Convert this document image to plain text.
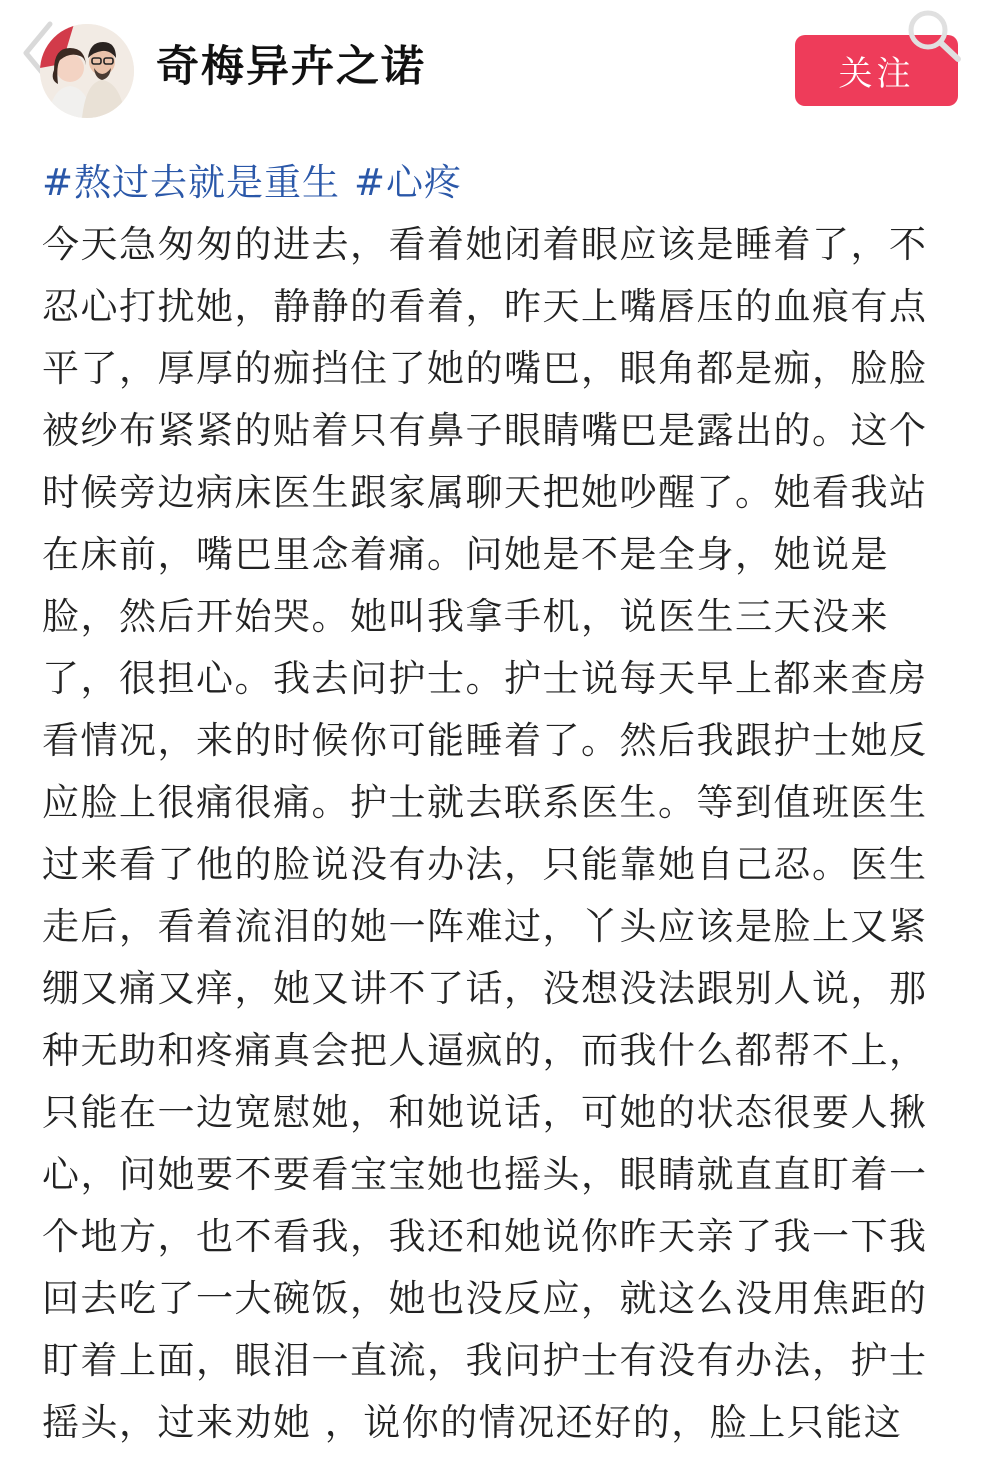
奇梅异卉之诺	关注
#熬过去就是重生 #心疼
今天急匆匆的进去，看着她闭着眼应该是睡着了，不
忍心打扰她，静静的看着，昨天上嘴唇压的血痕有点
平了，厚厚的痂挡住了她的嘴巴，眼角都是痂，脸脸
被纱布紧紧的贴着只有鼻子眼睛嘴巴是露出的。这个
时候旁边病床医生跟家属聊天把她吵醒了。她看我站
在床前，嘴巴里念着痛。问她是不是全身，她说是
脸，然后开始哭。她叫我拿手机，说医生三天没来
了，很担心。我去问护士。护士说每天早上都来查房
看情况，来的时候你可能睡着了。然后我跟护士她反
应脸上很痛很痛。护士就去联系医生。等到值班医生
过来看了他的脸说没有办法，只能靠她自己忍。医生
走后，看着流泪的她一阵难过，丫头应该是脸上又紧
绷又痛又痒，她又讲不了话，没想没法跟别人说，那
种无助和疼痛真会把人逼疯的，而我什么都帮不上，
只能在一边宽慰她，和她说话，可她的状态很要人揪
心，问她要不要看宝宝她也摇头，眼睛就直直盯着一
个地方，也不看我，我还和她说你昨天亲了我一下我
回去吃了一大碗饭，她也没反应，就这么没用焦距的
盯着上面，眼泪一直流，我问护士有没有办法，护士
摇头，过来劝她 ，说你的情况还好的，脸上只能这
